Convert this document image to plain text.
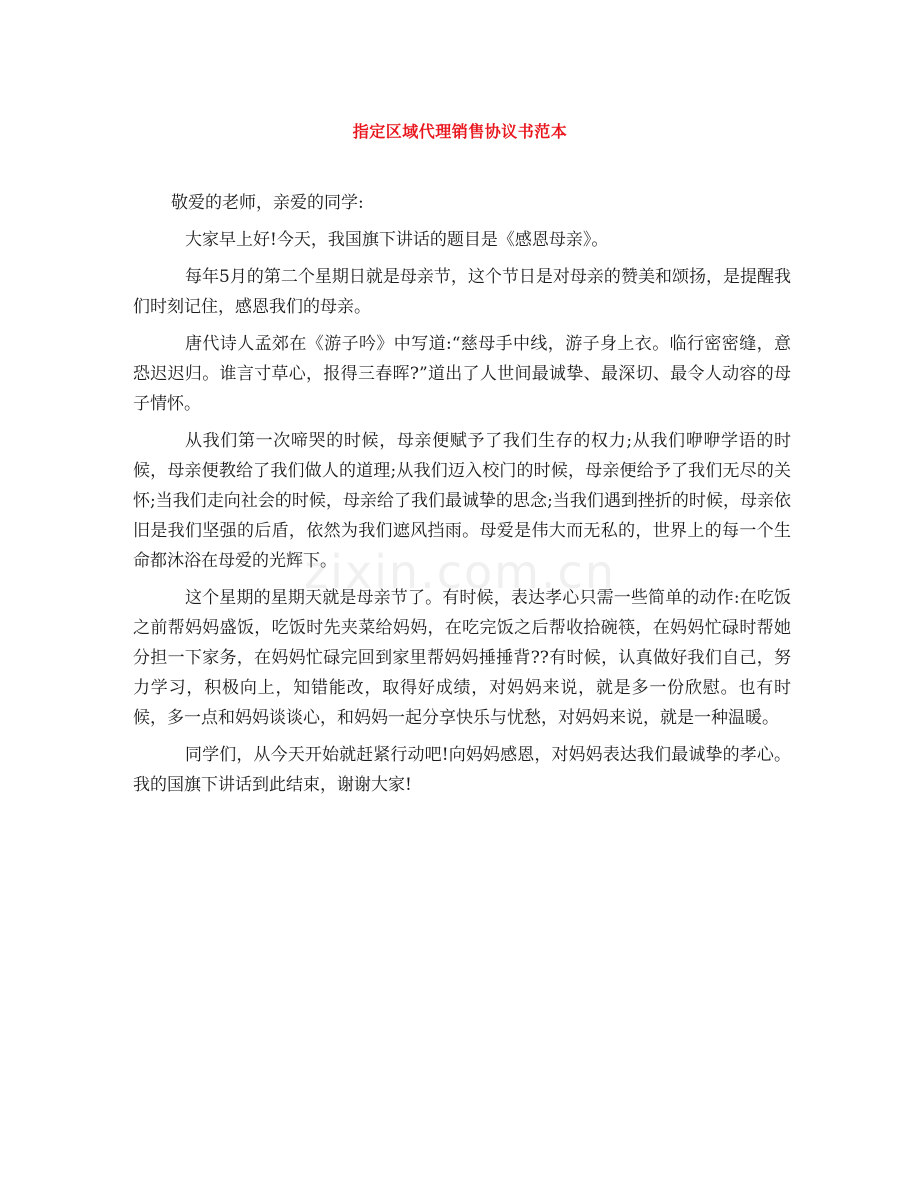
指定区域代理销售协议书范本

敬爱的老师，亲爱的同学:

大家早上好!今天，我国旗下讲话的题目是《感恩母亲》。

每年5月的第二个星期日就是母亲节，这个节日是对母亲的赞美和颂扬，是提醒我们时刻记住，感恩我们的母亲。

唐代诗人孟郊在《游子吟》中写道:“慈母手中线，游子身上衣。临行密密缝，意恐迟迟归。谁言寸草心，报得三春晖?”道出了人世间最诚挚、最深切、最令人动容的母子情怀。

从我们第一次啼哭的时候，母亲便赋予了我们生存的权力;从我们咿咿学语的时候，母亲便教给了我们做人的道理;从我们迈入校门的时候，母亲便给予了我们无尽的关怀;当我们走向社会的时候，母亲给了我们最诚挚的思念;当我们遇到挫折的时候，母亲依旧是我们坚强的后盾，依然为我们遮风挡雨。母爱是伟大而无私的，世界上的每一个生命都沐浴在母爱的光辉下。

这个星期的星期天就是母亲节了。有时候，表达孝心只需一些简单的动作:在吃饭之前帮妈妈盛饭，吃饭时先夹菜给妈妈，在吃完饭之后帮收拾碗筷，在妈妈忙碌时帮她分担一下家务，在妈妈忙碌完回到家里帮妈妈捶捶背??有时候，认真做好我们自己，努力学习，积极向上，知错能改，取得好成绩，对妈妈来说，就是多一份欣慰。也有时候，多一点和妈妈谈谈心，和妈妈一起分享快乐与忧愁，对妈妈来说，就是一种温暖。

同学们，从今天开始就赶紧行动吧!向妈妈感恩，对妈妈表达我们最诚挚的孝心。我的国旗下讲话到此结束，谢谢大家!

zixin.com.cn
